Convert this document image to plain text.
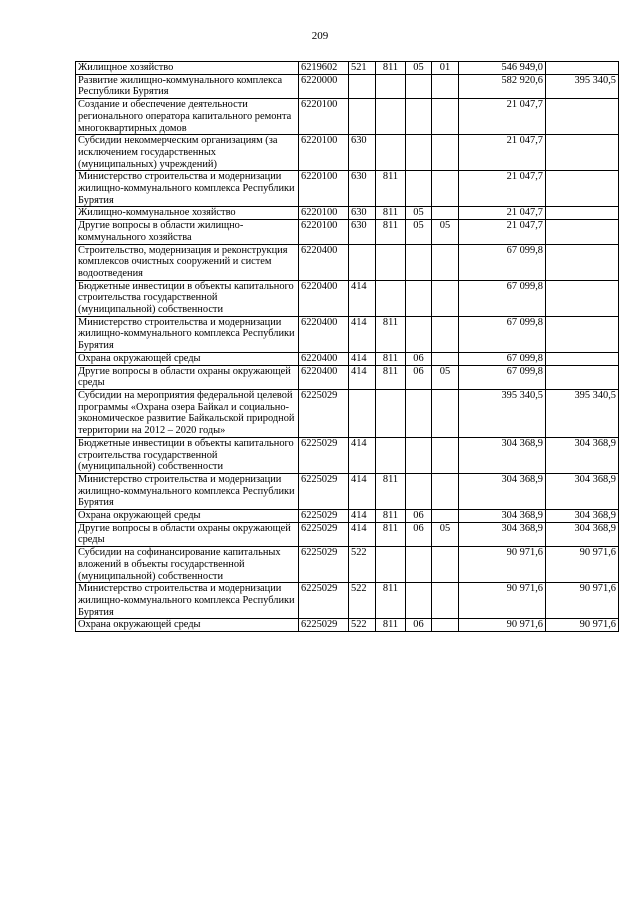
209
Жилищное хозяйство	6219602	521	811	05	01	546 949,0	
Развитие жилищно-коммунального комплекса Республики Бурятия	6220000					582 920,6	395 340,5
Создание и обеспечение деятельности регионального оператора капитального ремонта многоквартирных домов	6220100					21 047,7	
Субсидии некоммерческим организациям (за исключением государственных (муниципальных) учреждений)	6220100	630				21 047,7	
Министерство строительства и модернизации жилищно-коммунального комплекса Республики Бурятия	6220100	630	811			21 047,7	
Жилищно-коммунальное хозяйство	6220100	630	811	05		21 047,7	
Другие вопросы в области жилищно-коммунального хозяйства	6220100	630	811	05	05	21 047,7	
Строительство, модернизация и реконструкция комплексов очистных сооружений и систем водоотведения	6220400					67 099,8	
Бюджетные инвестиции в объекты капитального строительства государственной (муниципальной) собственности	6220400	414				67 099,8	
Министерство строительства и модернизации жилищно-коммунального комплекса Республики Бурятия	6220400	414	811			67 099,8	
Охрана окружающей среды	6220400	414	811	06		67 099,8	
Другие вопросы в области охраны окружающей среды	6220400	414	811	06	05	67 099,8	
Субсидии на мероприятия федеральной целевой программы «Охрана озера Байкал и социально-экономическое развитие Байкальской природной территории на 2012 – 2020 годы»	6225029					395 340,5	395 340,5
Бюджетные инвестиции в объекты капитального строительства государственной (муниципальной) собственности	6225029	414				304 368,9	304 368,9
Министерство строительства и модернизации жилищно-коммунального комплекса Республики Бурятия	6225029	414	811			304 368,9	304 368,9
Охрана окружающей среды	6225029	414	811	06		304 368,9	304 368,9
Другие вопросы в области охраны окружающей среды	6225029	414	811	06	05	304 368,9	304 368,9
Субсидии на софинансирование капитальных вложений в объекты государственной (муниципальной) собственности	6225029	522				90 971,6	90 971,6
Министерство строительства и модернизации жилищно-коммунального комплекса Республики Бурятия	6225029	522	811			90 971,6	90 971,6
Охрана окружающей среды	6225029	522	811	06		90 971,6	90 971,6
